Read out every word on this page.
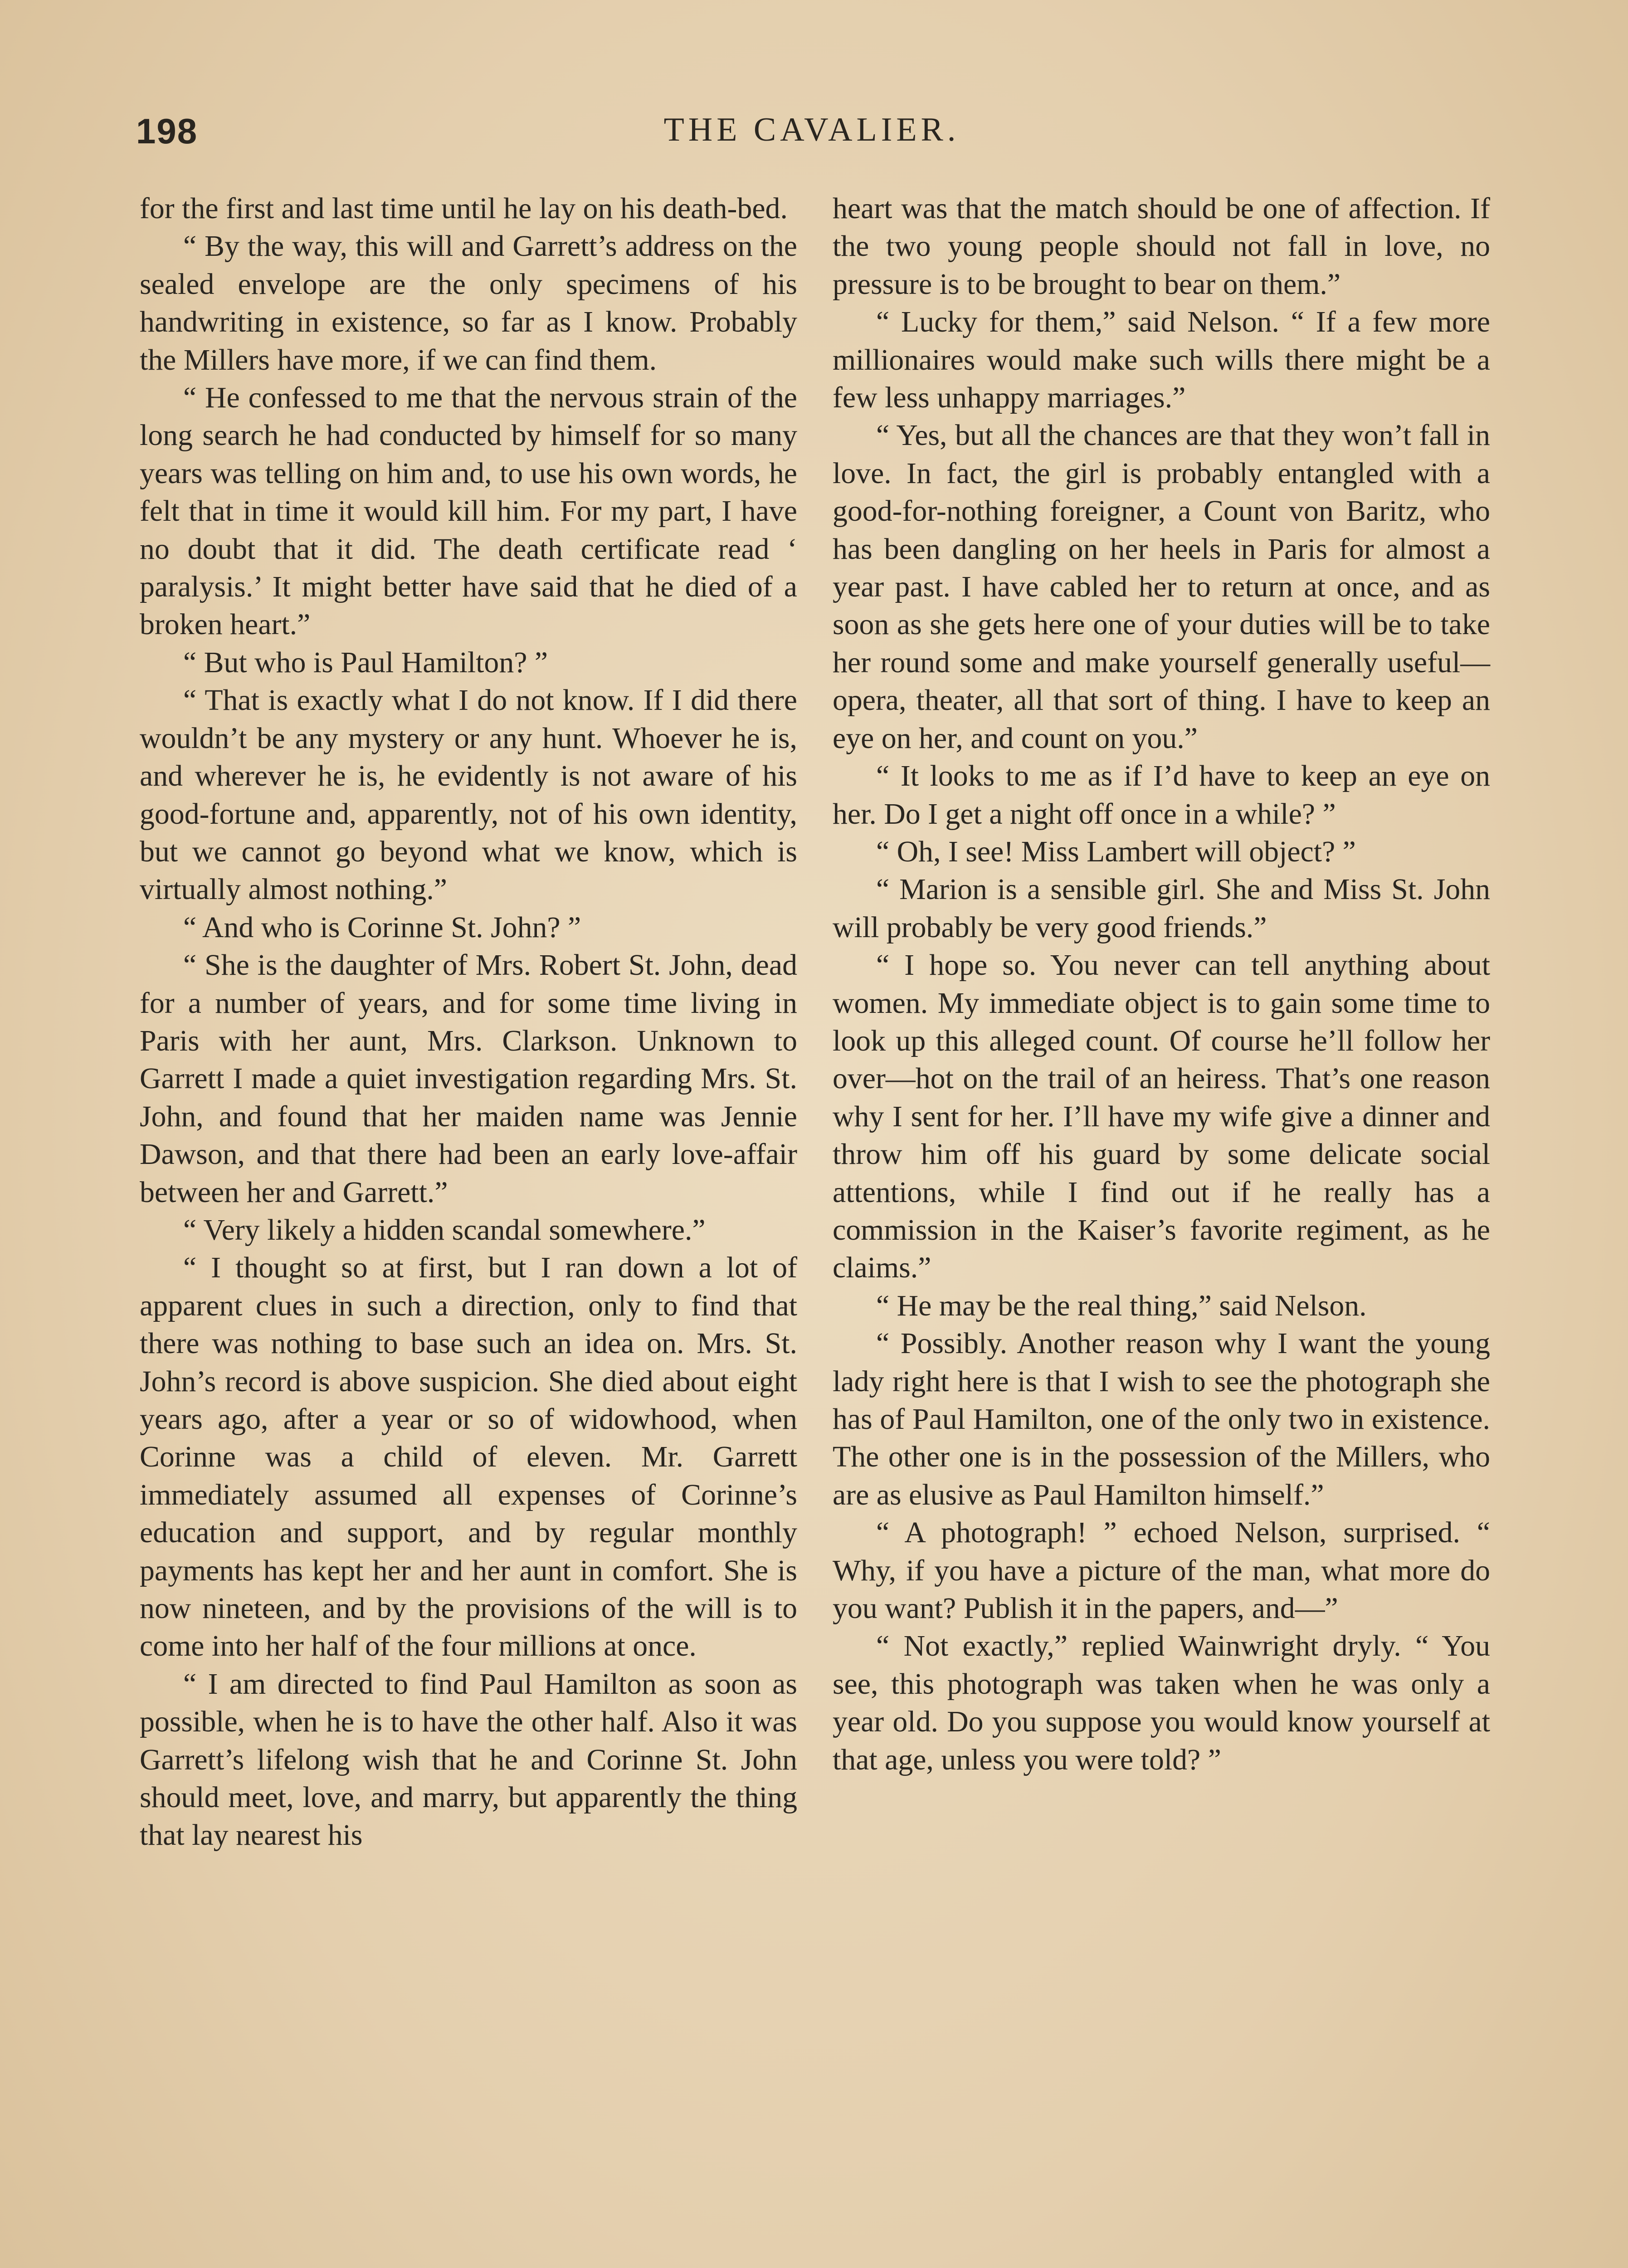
198	THE CAVALIER.

for the first and last time until he lay on his death-bed.

“ By the way, this will and Garrett’s address on the sealed envelope are the only specimens of his handwriting in existence, so far as I know. Probably the Millers have more, if we can find them.

“ He confessed to me that the nervous strain of the long search he had conducted by himself for so many years was telling on him and, to use his own words, he felt that in time it would kill him. For my part, I have no doubt that it did. The death certificate read ‘ paralysis.’ It might better have said that he died of a broken heart.”

“ But who is Paul Hamilton? ”

“ That is exactly what I do not know. If I did there wouldn’t be any mystery or any hunt. Whoever he is, and wherever he is, he evidently is not aware of his good-fortune and, apparently, not of his own identity, but we cannot go beyond what we know, which is virtually almost nothing.”

“ And who is Corinne St. John? ”

“ She is the daughter of Mrs. Robert St. John, dead for a number of years, and for some time living in Paris with her aunt, Mrs. Clarkson. Unknown to Garrett I made a quiet investigation regarding Mrs. St. John, and found that her maiden name was Jennie Dawson, and that there had been an early love-affair between her and Garrett.”

“ Very likely a hidden scandal somewhere.”

“ I thought so at first, but I ran down a lot of apparent clues in such a direction, only to find that there was nothing to base such an idea on. Mrs. St. John’s record is above suspicion. She died about eight years ago, after a year or so of widowhood, when Corinne was a child of eleven. Mr. Garrett immediately assumed all expenses of Corinne’s education and support, and by regular monthly payments has kept her and her aunt in comfort. She is now nineteen, and by the provisions of the will is to come into her half of the four millions at once.

“ I am directed to find Paul Hamilton as soon as possible, when he is to have the other half. Also it was Garrett’s lifelong wish that he and Corinne St. John should meet, love, and marry, but apparently the thing that lay nearest his

heart was that the match should be one of affection. If the two young people should not fall in love, no pressure is to be brought to bear on them.”

“ Lucky for them,” said Nelson. “ If a few more millionaires would make such wills there might be a few less unhappy marriages.”

“ Yes, but all the chances are that they won’t fall in love. In fact, the girl is probably entangled with a good-for-nothing foreigner, a Count von Baritz, who has been dangling on her heels in Paris for almost a year past. I have cabled her to return at once, and as soon as she gets here one of your duties will be to take her round some and make yourself generally useful—opera, theater, all that sort of thing. I have to keep an eye on her, and count on you.”

“ It looks to me as if I’d have to keep an eye on her. Do I get a night off once in a while? ”

“ Oh, I see! Miss Lambert will object? ”

“ Marion is a sensible girl. She and Miss St. John will probably be very good friends.”

“ I hope so. You never can tell anything about women. My immediate object is to gain some time to look up this alleged count. Of course he’ll follow her over—hot on the trail of an heiress. That’s one reason why I sent for her. I’ll have my wife give a dinner and throw him off his guard by some delicate social attentions, while I find out if he really has a commission in the Kaiser’s favorite regiment, as he claims.”

“ He may be the real thing,” said Nelson.

“ Possibly. Another reason why I want the young lady right here is that I wish to see the photograph she has of Paul Hamilton, one of the only two in existence. The other one is in the possession of the Millers, who are as elusive as Paul Hamilton himself.”

“ A photograph! ” echoed Nelson, surprised. “ Why, if you have a picture of the man, what more do you want? Publish it in the papers, and—”

“ Not exactly,” replied Wainwright dryly. “ You see, this photograph was taken when he was only a year old. Do you suppose you would know yourself at that age, unless you were told? ”
